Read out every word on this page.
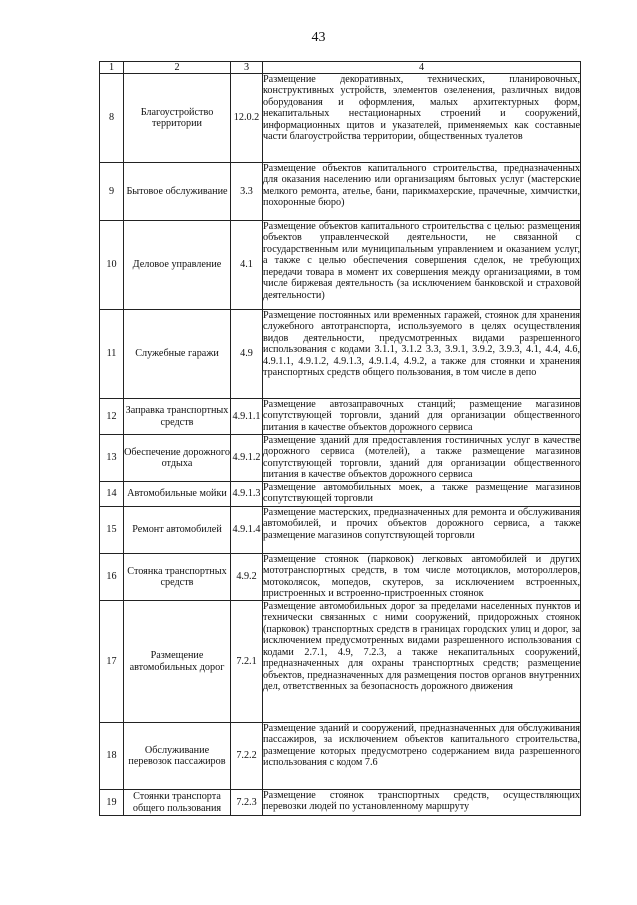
43
1	2	3	4
8	Благоустройство территории	12.0.2	Размещение декоративных, технических, планировочных, конструктивных устройств, элементов озеленения, различных видов оборудования и оформления, малых архитектурных форм, некапитальных нестационарных строений и сооружений, информационных щитов и указателей, применяемых как составные части благоустройства территории, общественных туалетов
9	Бытовое обслуживание	3.3	Размещение объектов капитального строительства, предназначенных для оказания населению или организациям бытовых услуг (мастерские мелкого ремонта, ателье, бани, парикмахерские, прачечные, химчистки, похоронные бюро)
10	Деловое управление	4.1	Размещение объектов капитального строительства с целью: размещения объектов управленческой деятельности, не связанной с государственным или муниципальным управлением и оказанием услуг, а также с целью обеспечения совершения сделок, не требующих передачи товара в момент их совершения между организациями, в том числе биржевая деятельность (за исключением банковской и страховой деятельности)
11	Служебные гаражи	4.9	Размещение постоянных или временных гаражей, стоянок для хранения служебного автотранспорта, используемого в целях осуществления видов деятельности, предусмотренных видами разрешенного использования с кодами 3.1.1, 3.1.2 3.3, 3.9.1, 3.9.2, 3.9.3, 4.1, 4.4, 4.6, 4.9.1.1, 4.9.1.2, 4.9.1.3, 4.9.1.4, 4.9.2, а также для стоянки и хранения транспортных средств общего пользования, в том числе в депо
12	Заправка транспортных средств	4.9.1.1	Размещение автозаправочных станций; размещение магазинов сопутствующей торговли, зданий для организации общественного питания в качестве объектов дорожного сервиса
13	Обеспечение дорожного отдыха	4.9.1.2	Размещение зданий для предоставления гостиничных услуг в качестве дорожного сервиса (мотелей), а также размещение магазинов сопутствующей торговли, зданий для организации общественного питания в качестве объектов дорожного сервиса
14	Автомобильные мойки	4.9.1.3	Размещение автомобильных моек, а также размещение магазинов сопутствующей торговли
15	Ремонт автомобилей	4.9.1.4	Размещение мастерских, предназначенных для ремонта и обслуживания автомобилей, и прочих объектов дорожного сервиса, а также размещение магазинов сопутствующей торговли
16	Стоянка транспортных средств	4.9.2	Размещение стоянок (парковок) легковых автомобилей и других мототранспортных средств, в том числе мотоциклов, мотороллеров, мотоколясок, мопедов, скутеров, за исключением встроенных, пристроенных и встроенно-пристроенных стоянок
17	Размещение автомобильных дорог	7.2.1	Размещение автомобильных дорог за пределами населенных пунктов и технически связанных с ними сооружений, придорожных стоянок (парковок) транспортных средств в границах городских улиц и дорог, за исключением предусмотренных видами разрешенного использования с кодами 2.7.1, 4.9, 7.2.3, а также некапитальных сооружений, предназначенных для охраны транспортных средств; размещение объектов, предназначенных для размещения постов органов внутренних дел, ответственных за безопасность дорожного движения
18	Обслуживание перевозок пассажиров	7.2.2	Размещение зданий и сооружений, предназначенных для обслуживания пассажиров, за исключением объектов капитального строительства, размещение которых предусмотрено содержанием вида разрешенного использования с кодом 7.6
19	Стоянки транспорта общего пользования	7.2.3	Размещение стоянок транспортных средств, осуществляющих перевозки людей по установленному маршруту
